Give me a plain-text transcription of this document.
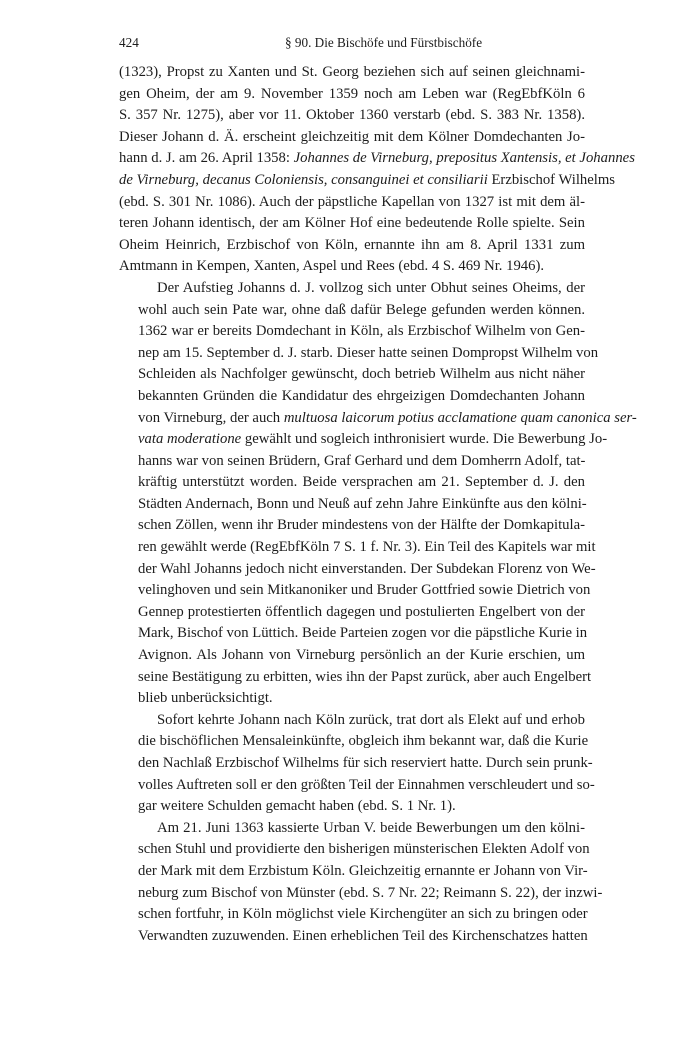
424	§ 90. Die Bischöfe und Fürstbischöfe
(1323), Propst zu Xanten und St. Georg beziehen sich auf seinen gleichnami-
gen Oheim, der am 9. November 1359 noch am Leben war (RegEbfKöln 6
S. 357 Nr. 1275), aber vor 11. Oktober 1360 verstarb (ebd. S. 383 Nr. 1358).
Dieser Johann d. Ä. erscheint gleichzeitig mit dem Kölner Domdechanten Jo-
hann d. J. am 26. April 1358: Johannes de Virneburg, prepositus Xantensis, et Johannes
de Virneburg, decanus Coloniensis, consanguinei et consiliarii Erzbischof Wilhelms
(ebd. S. 301 Nr. 1086). Auch der päpstliche Kapellan von 1327 ist mit dem äl-
teren Johann identisch, der am Kölner Hof eine bedeutende Rolle spielte. Sein
Oheim Heinrich, Erzbischof von Köln, ernannte ihn am 8. April 1331 zum
Amtmann in Kempen, Xanten, Aspel und Rees (ebd. 4 S. 469 Nr. 1946).
Der Aufstieg Johanns d. J. vollzog sich unter Obhut seines Oheims, der
wohl auch sein Pate war, ohne daß dafür Belege gefunden werden können.
1362 war er bereits Domdechant in Köln, als Erzbischof Wilhelm von Gen-
nep am 15. September d. J. starb. Dieser hatte seinen Dompropst Wilhelm von
Schleiden als Nachfolger gewünscht, doch betrieb Wilhelm aus nicht näher
bekannten Gründen die Kandidatur des ehrgeizigen Domdechanten Johann
von Virneburg, der auch multuosa laicorum potius acclamatione quam canonica ser-
vata moderatione gewählt und sogleich inthronisiert wurde. Die Bewerbung Jo-
hanns war von seinen Brüdern, Graf Gerhard und dem Domherrn Adolf, tat-
kräftig unterstützt worden. Beide versprachen am 21. September d. J. den
Städten Andernach, Bonn und Neuß auf zehn Jahre Einkünfte aus den kölni-
schen Zöllen, wenn ihr Bruder mindestens von der Hälfte der Domkapitula-
ren gewählt werde (RegEbfKöln 7 S. 1 f. Nr. 3). Ein Teil des Kapitels war mit
der Wahl Johanns jedoch nicht einverstanden. Der Subdekan Florenz von We-
velinghoven und sein Mitkanoniker und Bruder Gottfried sowie Dietrich von
Gennep protestierten öffentlich dagegen und postulierten Engelbert von der
Mark, Bischof von Lüttich. Beide Parteien zogen vor die päpstliche Kurie in
Avignon. Als Johann von Virneburg persönlich an der Kurie erschien, um
seine Bestätigung zu erbitten, wies ihn der Papst zurück, aber auch Engelbert
blieb unberücksichtigt.
Sofort kehrte Johann nach Köln zurück, trat dort als Elekt auf und erhob
die bischöflichen Mensaleinkünfte, obgleich ihm bekannt war, daß die Kurie
den Nachlaß Erzbischof Wilhelms für sich reserviert hatte. Durch sein prunk-
volles Auftreten soll er den größten Teil der Einnahmen verschleudert und so-
gar weitere Schulden gemacht haben (ebd. S. 1 Nr. 1).
Am 21. Juni 1363 kassierte Urban V. beide Bewerbungen um den kölni-
schen Stuhl und providierte den bisherigen münsterischen Elekten Adolf von
der Mark mit dem Erzbistum Köln. Gleichzeitig ernannte er Johann von Vir-
neburg zum Bischof von Münster (ebd. S. 7 Nr. 22; Reimann S. 22), der inzwi-
schen fortfuhr, in Köln möglichst viele Kirchengüter an sich zu bringen oder
Verwandten zuzuwenden. Einen erheblichen Teil des Kirchenschatzes hatten
